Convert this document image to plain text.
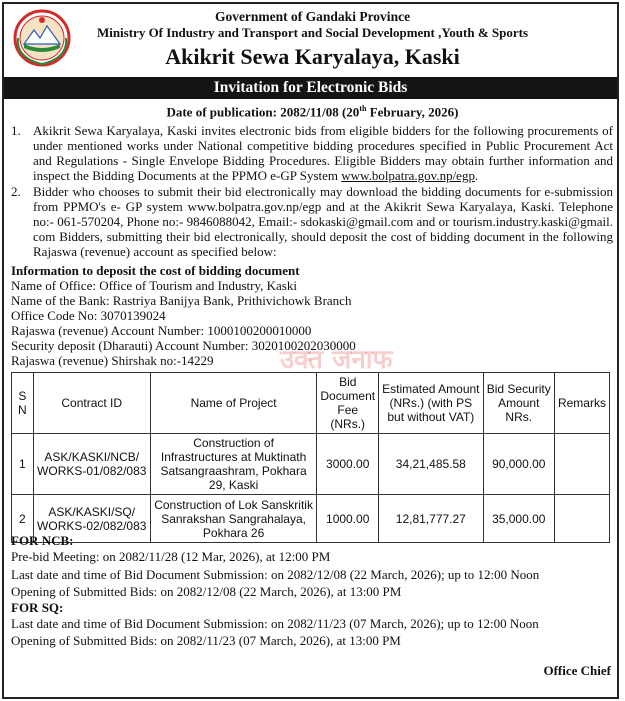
Government of Gandaki Province
Ministry Of Industry and Transport and Social Development ,Youth & Sports
Akikrit Sewa Karyalaya, Kaski
Invitation for Electronic Bids
Date of publication: 2082/11/08 (20th February, 2026)
1. Akikrit Sewa Karyalaya, Kaski invites electronic bids from eligible bidders for the following procurements of under mentioned works under National competitive bidding procedures specified in Public Procurement Act and Regulations - Single Envelope Bidding Procedures. Eligible Bidders may obtain further information and inspect the Bidding Documents at the PPMO e-GP System www.bolpatra.gov.np/egp.
2. Bidder who chooses to submit their bid electronically may download the bidding documents for e-submission from PPMO's e- GP system www.bolpatra.gov.np/egp and at the Akikrit Sewa Karyalaya, Kaski. Telephone no:- 061-570204, Phone no:- 9846088042, Email:- sdokaski@gmail.com and or tourism.industry.kaski@gmail. com Bidders, submitting their bid electronically, should deposit the cost of bidding document in the following Rajaswa (revenue) account as specified below:
Information to deposit the cost of bidding document
Name of Office: Office of Tourism and Industry, Kaski
Name of the Bank: Rastriya Banijya Bank, Prithivichowk Branch
Office Code No: 3070139024
Rajaswa (revenue) Account Number: 1000100200010000
Security deposit (Dharauti) Account Number: 3020100202030000
Rajaswa (revenue) Shirshak no:-14229	उक्त जनाफ
S N	Contract ID	Name of Project	Bid Document Fee (NRs.)	Estimated Amount (NRs.) (with PS but without VAT)	Bid Security Amount NRs.	Remarks
1	ASK/KASKI/NCB/ WORKS-01/082/083	Construction of Infrastructures at Muktinath Satsangraashram, Pokhara 29, Kaski	3000.00	34,21,485.58	90,000.00	
2	ASK/KASKI/SQ/ WORKS-02/082/083	Construction of Lok Sanskritik Sanrakshan Sangrahalaya, Pokhara 26	1000.00	12,81,777.27	35,000.00	
FOR NCB:
Pre-bid Meeting: on 2082/11/28 (12 Mar, 2026), at 12:00 PM
Last date and time of Bid Document Submission: on 2082/12/08 (22 March, 2026); up to 12:00 Noon
Opening of Submitted Bids: on 2082/12/08 (22 March, 2026), at 13:00 PM
FOR SQ:
Last date and time of Bid Document Submission: on 2082/11/23 (07 March, 2026); up to 12:00 Noon
Opening of Submitted Bids: on 2082/11/23 (07 March, 2026), at 13:00 PM
Office Chief
